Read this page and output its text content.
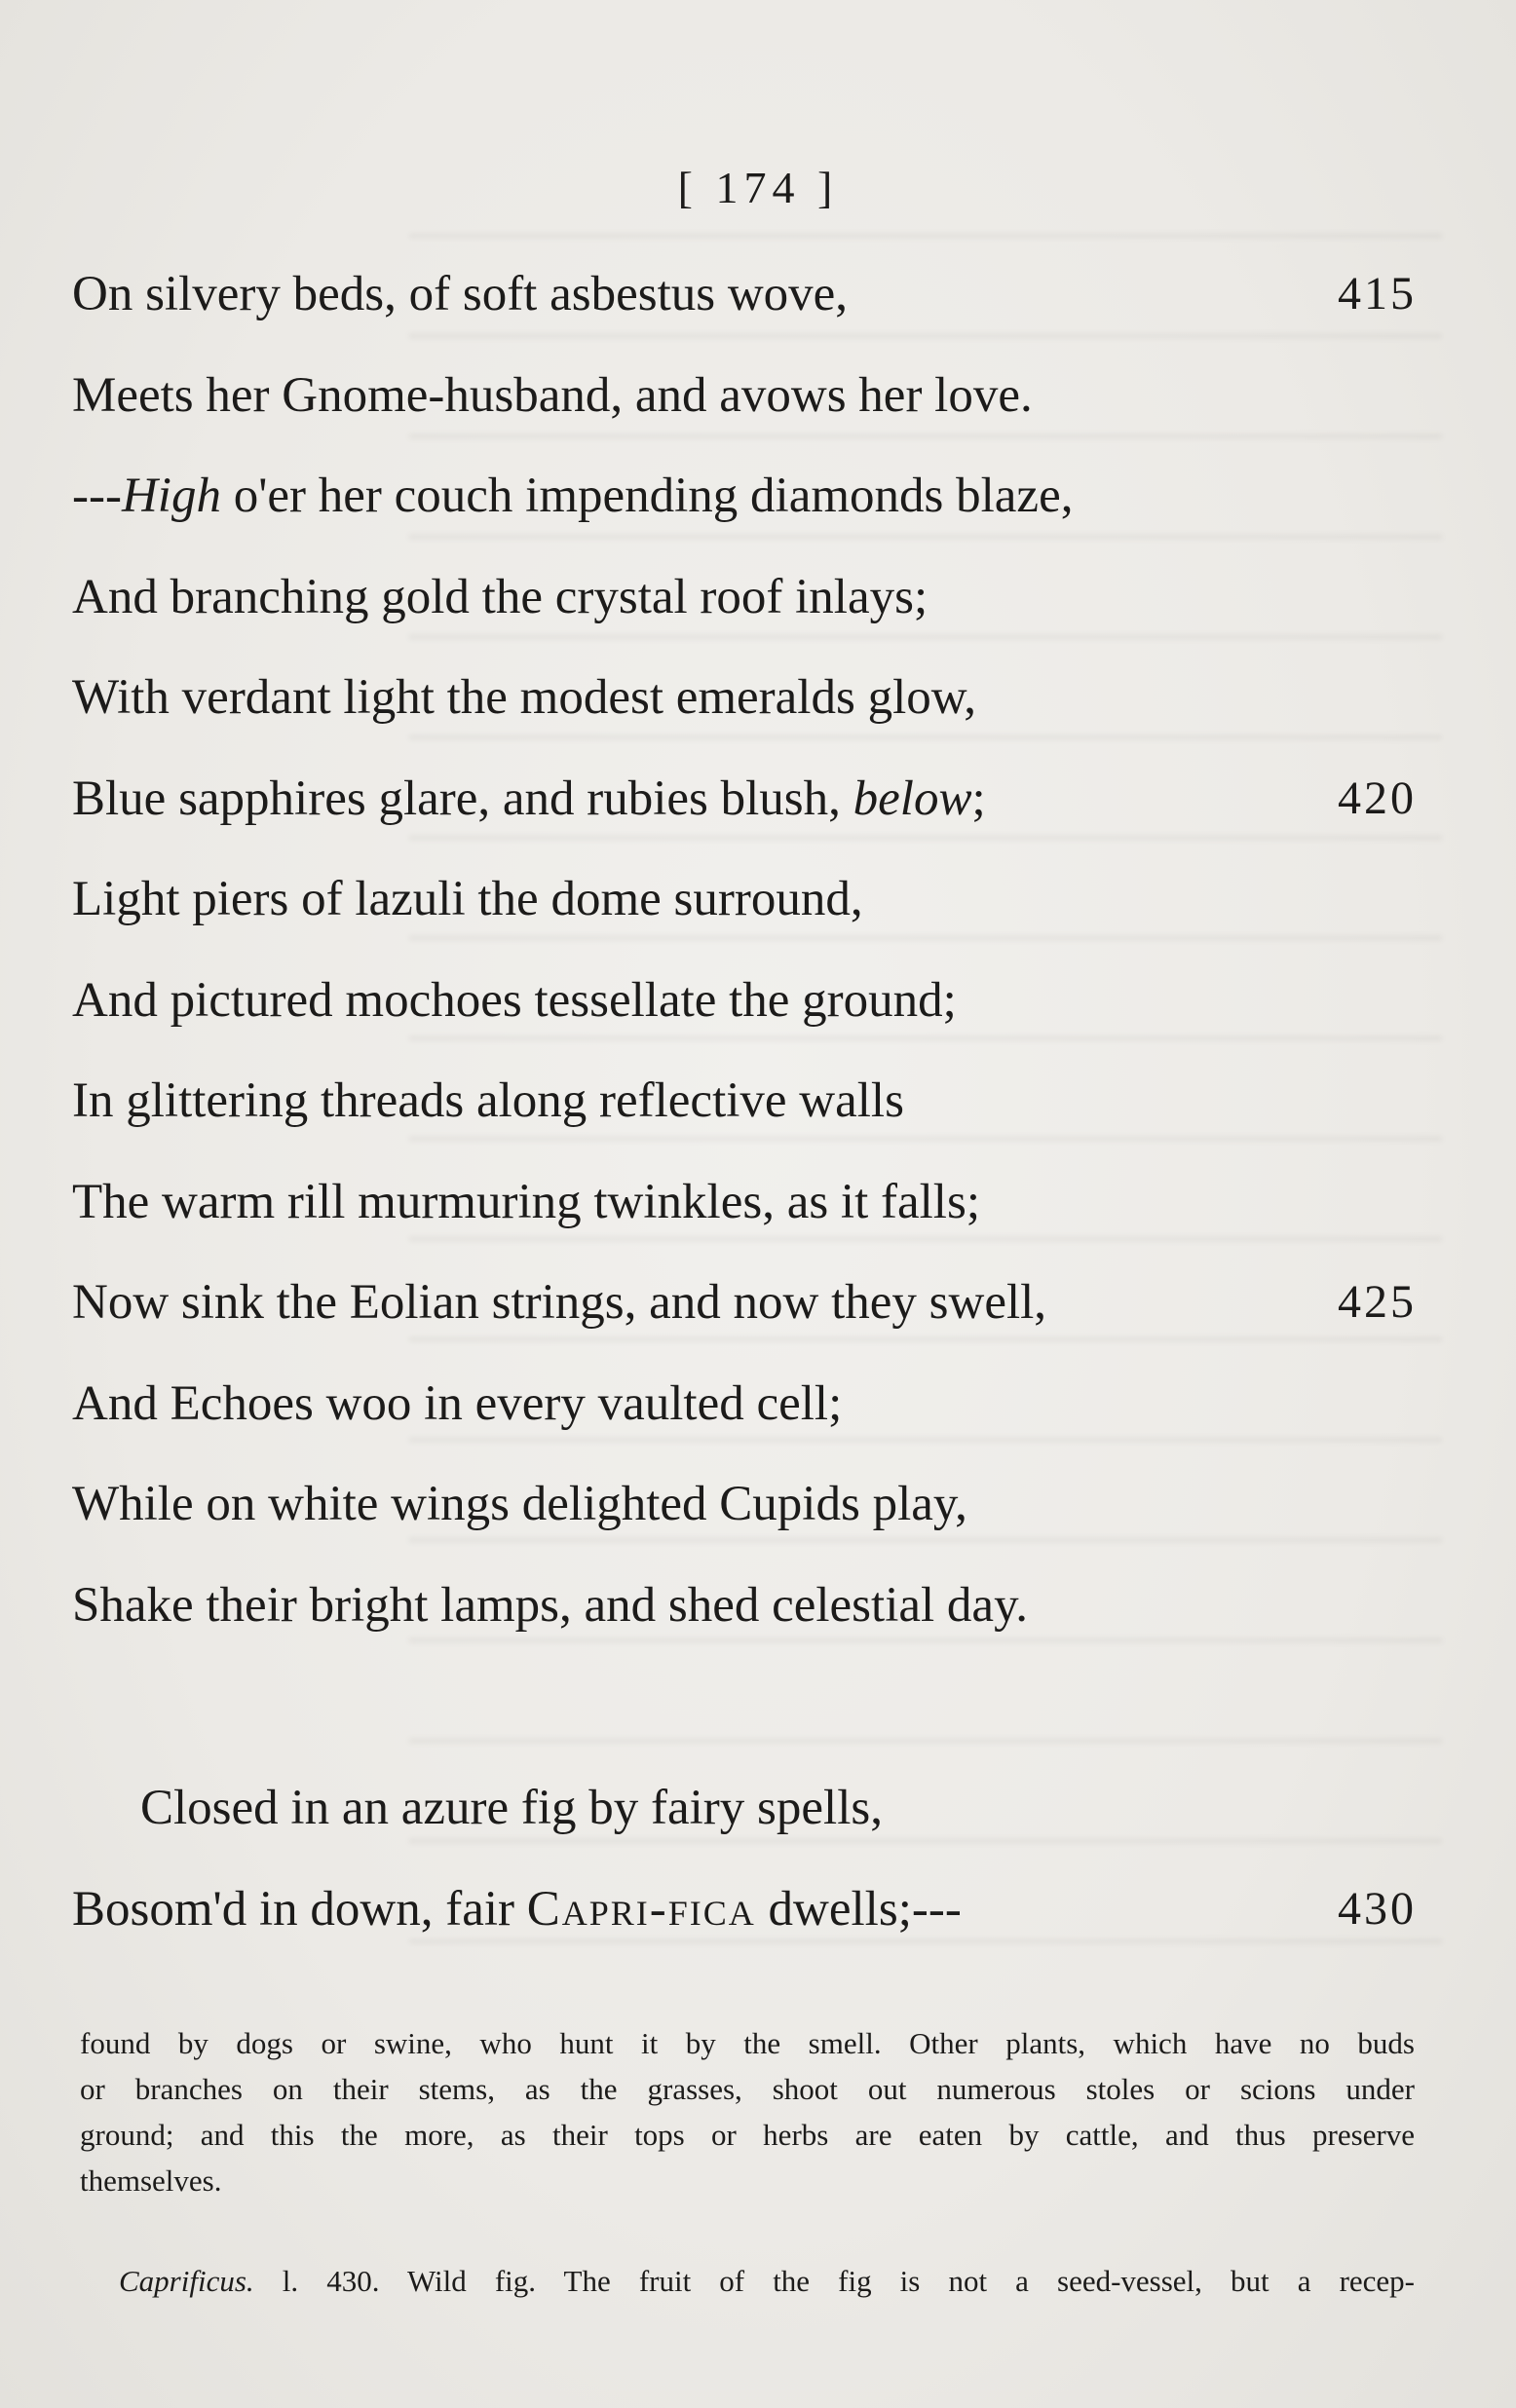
[ 174 ]
On silvery beds, of soft asbestus wove,	415
Meets her Gnome-husband, and avows her love.
---High o'er her couch impending diamonds blaze,
And branching gold the crystal roof inlays;
With verdant light the modest emeralds glow,
Blue sapphires glare, and rubies blush, below;	420
Light piers of lazuli the dome surround,
And pictured mochoes tessellate the ground;
In glittering threads along reflective walls
The warm rill murmuring twinkles, as it falls;
Now sink the Eolian strings, and now they swell,	425
And Echoes woo in every vaulted cell;
While on white wings delighted Cupids play,
Shake their bright lamps, and shed celestial day.
Closed in an azure fig by fairy spells,
Bosom'd in down, fair Capri-fica dwells;---	430
found by dogs or swine, who hunt it by the smell. Other plants, which have no buds
or branches on their stems, as the grasses, shoot out numerous stoles or scions under
ground; and this the more, as their tops or herbs are eaten by cattle, and thus preserve
themselves.
Caprificus. l. 430. Wild fig. The fruit of the fig is not a seed-vessel, but a recep-
